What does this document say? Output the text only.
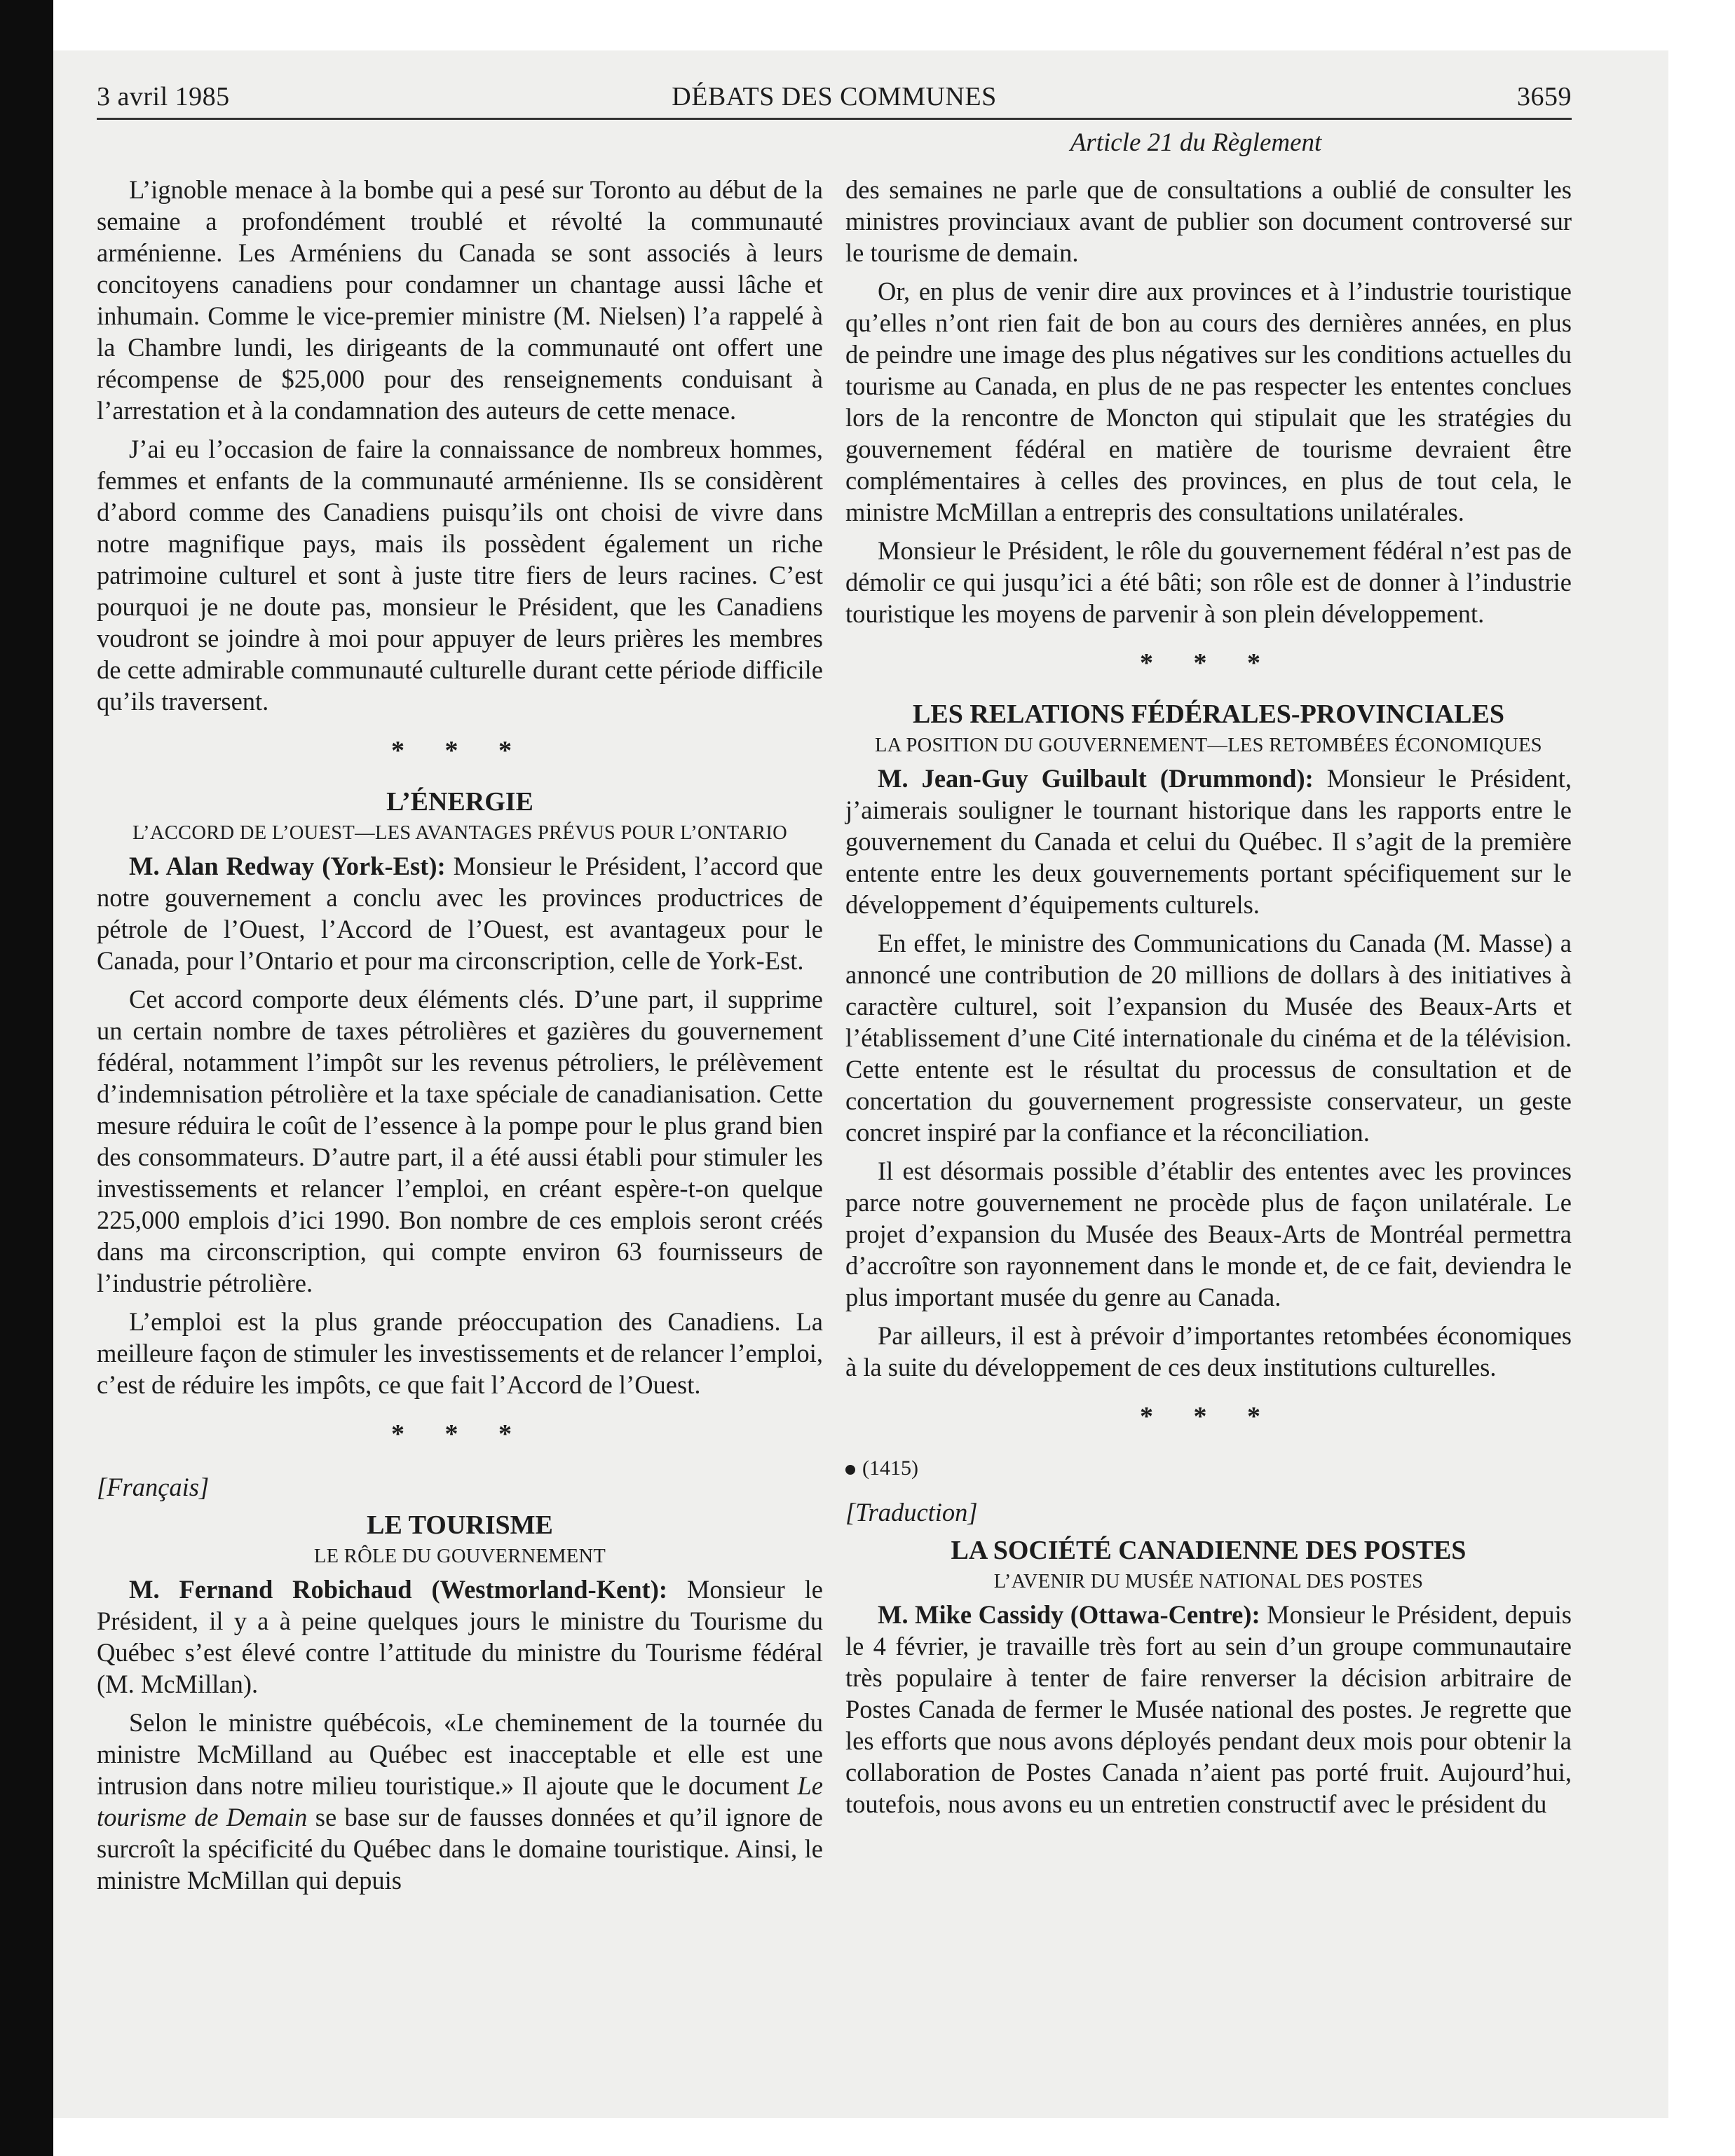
3 avril 1985	DÉBATS DES COMMUNES	3659
Article 21 du Règlement

L’ignoble menace à la bombe qui a pesé sur Toronto au début de la semaine a profondément troublé et révolté la communauté arménienne. Les Arméniens du Canada se sont associés à leurs concitoyens canadiens pour condamner un chantage aussi lâche et inhumain. Comme le vice-premier ministre (M. Nielsen) l’a rappelé à la Chambre lundi, les dirigeants de la communauté ont offert une récompense de $25,000 pour des renseignements conduisant à l’arrestation et à la condamnation des auteurs de cette menace.

J’ai eu l’occasion de faire la connaissance de nombreux hommes, femmes et enfants de la communauté arménienne. Ils se considèrent d’abord comme des Canadiens puisqu’ils ont choisi de vivre dans notre magnifique pays, mais ils possèdent également un riche patrimoine culturel et sont à juste titre fiers de leurs racines. C’est pourquoi je ne doute pas, monsieur le Président, que les Canadiens voudront se joindre à moi pour appuyer de leurs prières les membres de cette admirable communauté culturelle durant cette période difficile qu’ils traversent.

* * *
L’ÉNERGIE
L’ACCORD DE L’OUEST—LES AVANTAGES PRÉVUS POUR L’ONTARIO

M. Alan Redway (York-Est): Monsieur le Président, l’accord que notre gouvernement a conclu avec les provinces productrices de pétrole de l’Ouest, l’Accord de l’Ouest, est avantageux pour le Canada, pour l’Ontario et pour ma circonscription, celle de York-Est.

Cet accord comporte deux éléments clés. D’une part, il supprime un certain nombre de taxes pétrolières et gazières du gouvernement fédéral, notamment l’impôt sur les revenus pétroliers, le prélèvement d’indemnisation pétrolière et la taxe spéciale de canadianisation. Cette mesure réduira le coût de l’essence à la pompe pour le plus grand bien des consommateurs. D’autre part, il a été aussi établi pour stimuler les investissements et relancer l’emploi, en créant espère-t-on quelque 225,000 emplois d’ici 1990. Bon nombre de ces emplois seront créés dans ma circonscription, qui compte environ 63 fournisseurs de l’industrie pétrolière.

L’emploi est la plus grande préoccupation des Canadiens. La meilleure façon de stimuler les investissements et de relancer l’emploi, c’est de réduire les impôts, ce que fait l’Accord de l’Ouest.

* * *
[Français]
LE TOURISME
LE RÔLE DU GOUVERNEMENT

M. Fernand Robichaud (Westmorland-Kent): Monsieur le Président, il y a à peine quelques jours le ministre du Tourisme du Québec s’est élevé contre l’attitude du ministre du Tourisme fédéral (M. McMillan).

Selon le ministre québécois, «Le cheminement de la tournée du ministre McMilland au Québec est inacceptable et elle est une intrusion dans notre milieu touristique.» Il ajoute que le document Le tourisme de Demain se base sur de fausses données et qu’il ignore de surcroît la spécificité du Québec dans le domaine touristique. Ainsi, le ministre McMillan qui depuis

des semaines ne parle que de consultations a oublié de consulter les ministres provinciaux avant de publier son document controversé sur le tourisme de demain.

Or, en plus de venir dire aux provinces et à l’industrie touristique qu’elles n’ont rien fait de bon au cours des dernières années, en plus de peindre une image des plus négatives sur les conditions actuelles du tourisme au Canada, en plus de ne pas respecter les ententes conclues lors de la rencontre de Moncton qui stipulait que les stratégies du gouvernement fédéral en matière de tourisme devraient être complémentaires à celles des provinces, en plus de tout cela, le ministre McMillan a entrepris des consultations unilatérales.

Monsieur le Président, le rôle du gouvernement fédéral n’est pas de démolir ce qui jusqu’ici a été bâti; son rôle est de donner à l’industrie touristique les moyens de parvenir à son plein développement.

* * *
LES RELATIONS FÉDÉRALES-PROVINCIALES
LA POSITION DU GOUVERNEMENT—LES RETOMBÉES ÉCONOMIQUES

M. Jean-Guy Guilbault (Drummond): Monsieur le Président, j’aimerais souligner le tournant historique dans les rapports entre le gouvernement du Canada et celui du Québec. Il s’agit de la première entente entre les deux gouvernements portant spécifiquement sur le développement d’équipements culturels.

En effet, le ministre des Communications du Canada (M. Masse) a annoncé une contribution de 20 millions de dollars à des initiatives à caractère culturel, soit l’expansion du Musée des Beaux-Arts et l’établissement d’une Cité internationale du cinéma et de la télévision. Cette entente est le résultat du processus de consultation et de concertation du gouvernement progressiste conservateur, un geste concret inspiré par la confiance et la réconciliation.

Il est désormais possible d’établir des ententes avec les provinces parce notre gouvernement ne procède plus de façon unilatérale. Le projet d’expansion du Musée des Beaux-Arts de Montréal permettra d’accroître son rayonnement dans le monde et, de ce fait, deviendra le plus important musée du genre au Canada.

Par ailleurs, il est à prévoir d’importantes retombées économiques à la suite du développement de ces deux institutions culturelles.

* * *
(1415)
[Traduction]
LA SOCIÉTÉ CANADIENNE DES POSTES
L’AVENIR DU MUSÉE NATIONAL DES POSTES

M. Mike Cassidy (Ottawa-Centre): Monsieur le Président, depuis le 4 février, je travaille très fort au sein d’un groupe communautaire très populaire à tenter de faire renverser la décision arbitraire de Postes Canada de fermer le Musée national des postes. Je regrette que les efforts que nous avons déployés pendant deux mois pour obtenir la collaboration de Postes Canada n’aient pas porté fruit. Aujourd’hui, toutefois, nous avons eu un entretien constructif avec le président du
